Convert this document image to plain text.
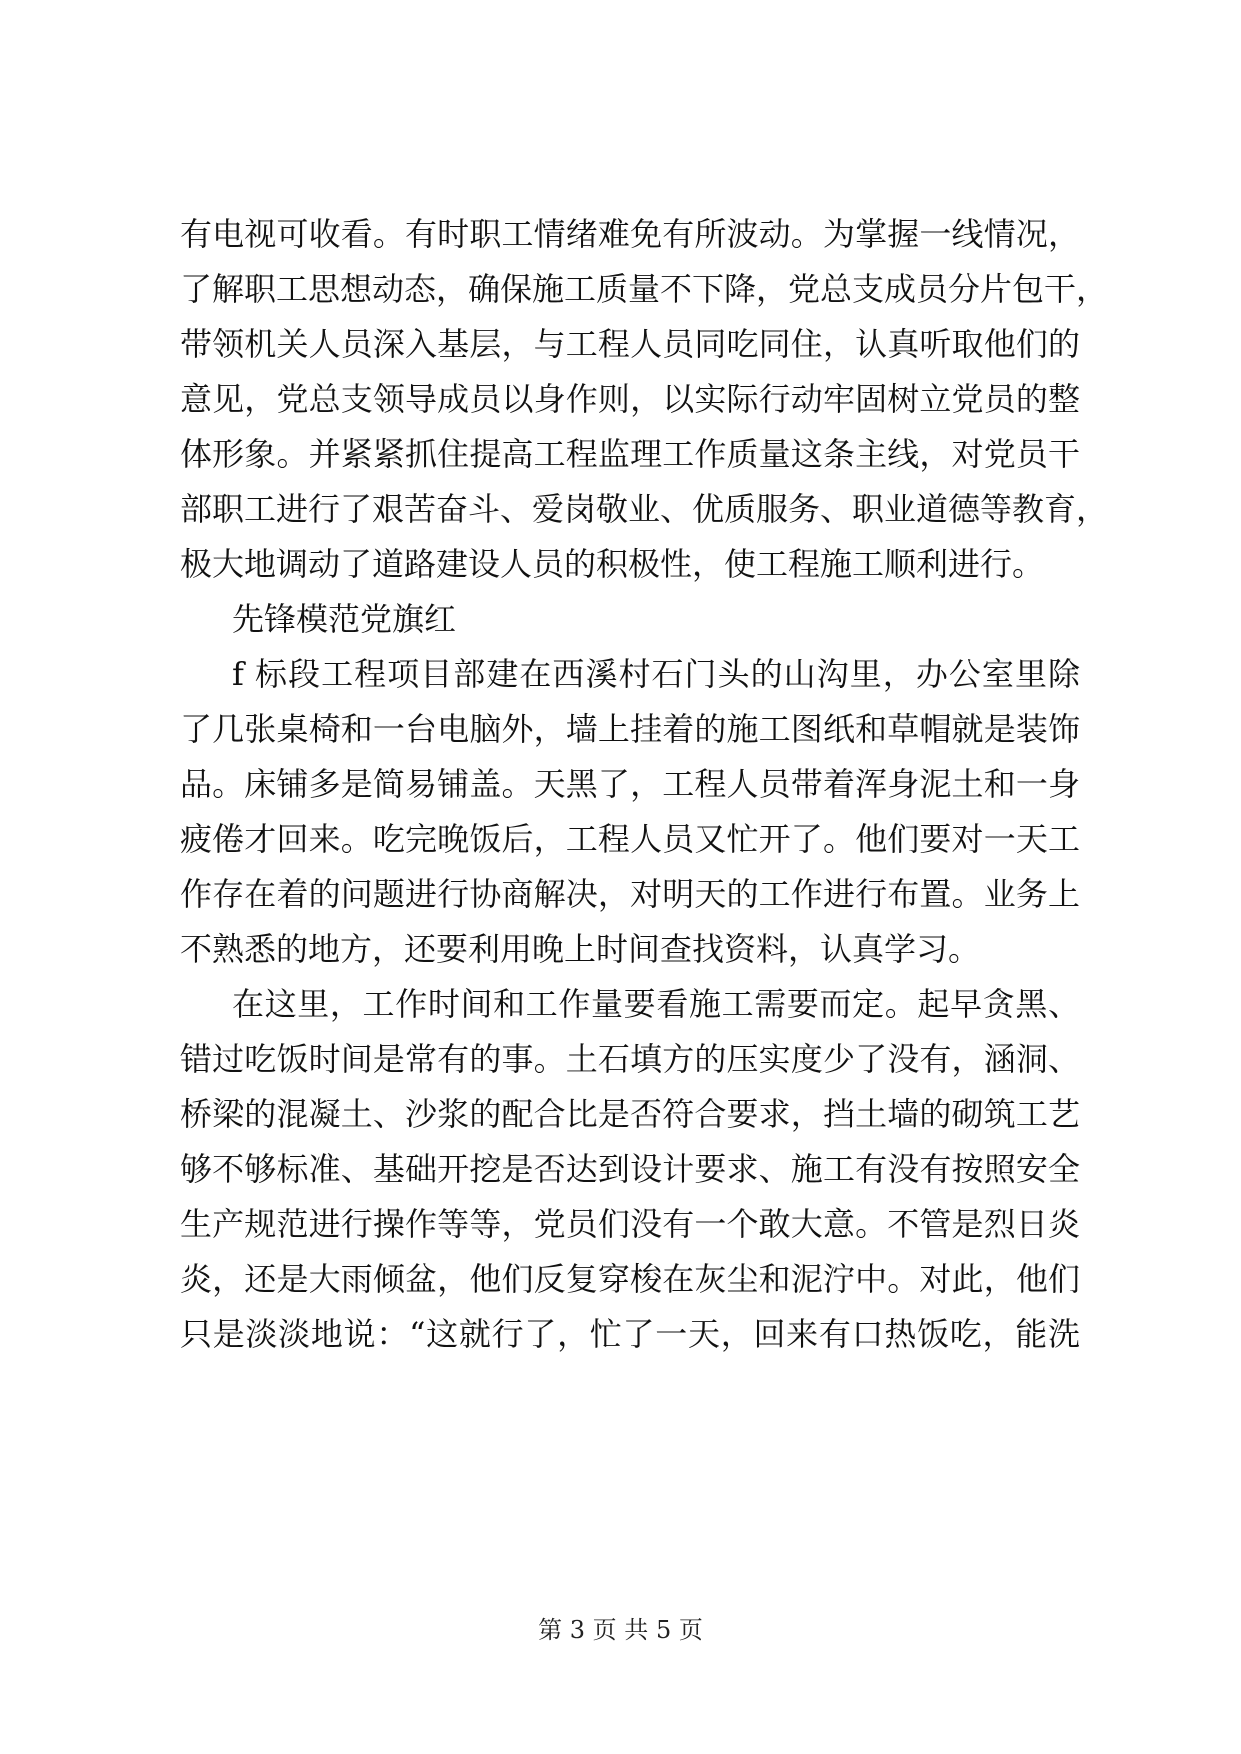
有电视可收看。有时职工情绪难免有所波动。为掌握一线情况，
了解职工思想动态，确保施工质量不下降，党总支成员分片包干，
带领机关人员深入基层，与工程人员同吃同住，认真听取他们的
意见，党总支领导成员以身作则，以实际行动牢固树立党员的整
体形象。并紧紧抓住提高工程监理工作质量这条主线，对党员干
部职工进行了艰苦奋斗、爱岗敬业、优质服务、职业道德等教育，
极大地调动了道路建设人员的积极性，使工程施工顺利进行。
先锋模范党旗红
f 标段工程项目部建在西溪村石门头的山沟里，办公室里除
了几张桌椅和一台电脑外，墙上挂着的施工图纸和草帽就是装饰
品。床铺多是简易铺盖。天黑了，工程人员带着浑身泥土和一身
疲倦才回来。吃完晚饭后，工程人员又忙开了。他们要对一天工
作存在着的问题进行协商解决，对明天的工作进行布置。业务上
不熟悉的地方，还要利用晚上时间查找资料，认真学习。
在这里，工作时间和工作量要看施工需要而定。起早贪黑、
错过吃饭时间是常有的事。土石填方的压实度少了没有，涵洞、
桥梁的混凝土、沙浆的配合比是否符合要求，挡土墙的砌筑工艺
够不够标准、基础开挖是否达到设计要求、施工有没有按照安全
生产规范进行操作等等，党员们没有一个敢大意。不管是烈日炎
炎，还是大雨倾盆，他们反复穿梭在灰尘和泥泞中。对此，他们
只是淡淡地说：“这就行了，忙了一天，回来有口热饭吃，能洗
第 3 页 共 5 页
